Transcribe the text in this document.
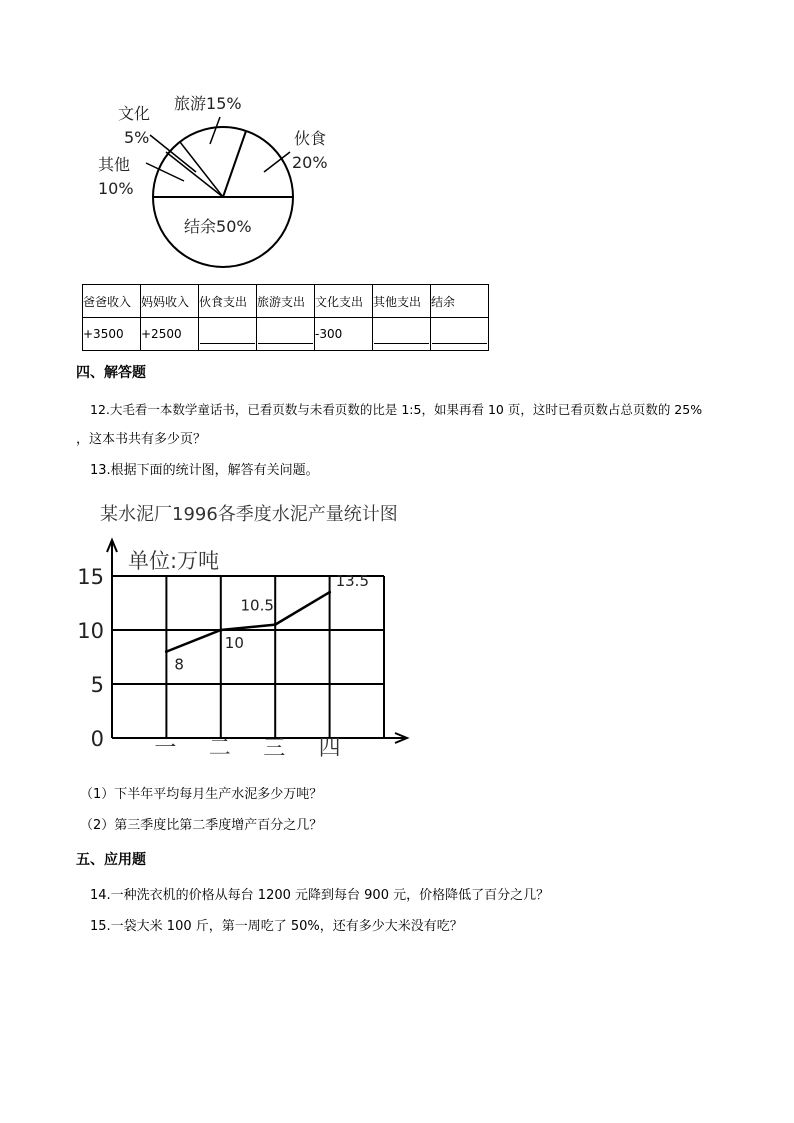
旅游15%
文化
5%
其他
10%
伙食
20%
结余50%
爸爸收入	妈妈收入	伙食支出	旅游支出	文化支出	其他支出	结余
+3500	+2500			-300	

四、解答题
12.大毛看一本数学童话书，已看页数与未看页数的比是 1:5，如果再看 10 页，这时已看页数占总页数的 25%
，这本书共有多少页？
13.根据下面的统计图，解答有关问题。
某水泥厂1996各季度水泥产量统计图
单位:万吨
0
5
10
15
一 二 三 四
8
10
10.5
13.5
（1）下半年平均每月生产水泥多少万吨？
（2）第三季度比第二季度增产百分之几？
五、应用题
14.一种洗衣机的价格从每台 1200 元降到每台 900 元，价格降低了百分之几？
15.一袋大米 100 斤，第一周吃了 50%，还有多少大米没有吃？
